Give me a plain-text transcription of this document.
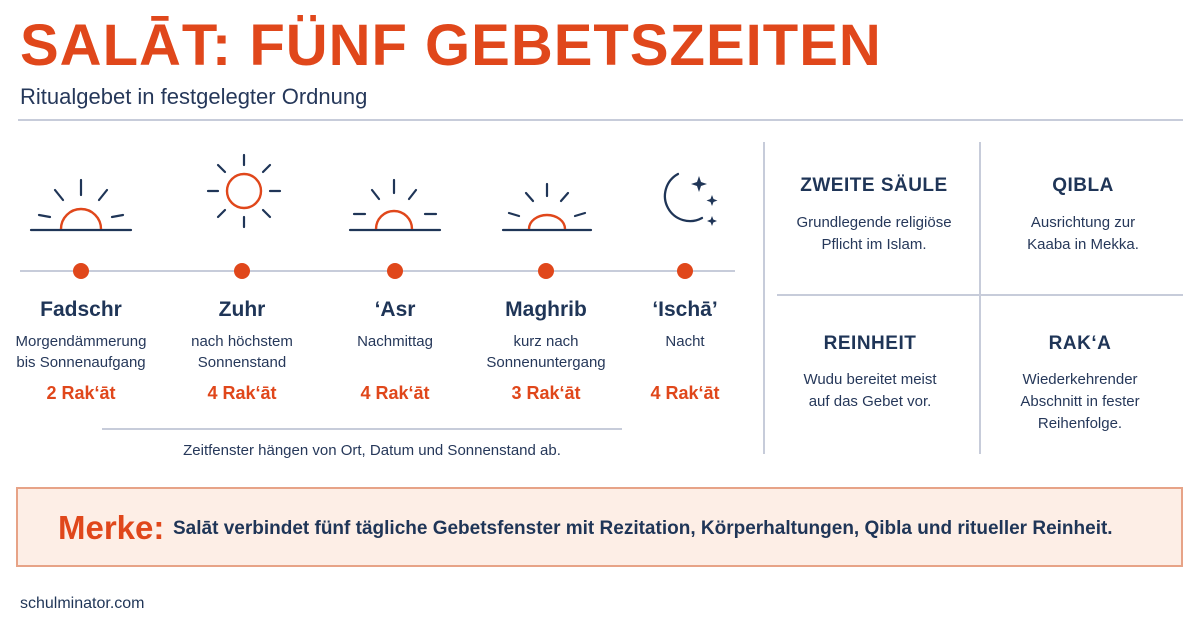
SALĀT: FÜNF GEBETSZEITEN
Ritualgebet in festgelegter Ordnung
Fadschr
Morgendämmerung
bis Sonnenaufgang
2 Rak‘āt
Zuhr
nach höchstem
Sonnenstand
4 Rak‘āt
‘Asr
Nachmittag
4 Rak‘āt
Maghrib
kurz nach
Sonnenuntergang
3 Rak‘āt
‘Ischā’
Nacht
4 Rak‘āt
Zeitfenster hängen von Ort, Datum und Sonnenstand ab.
ZWEITE SÄULE
Grundlegende religiöse
Pflicht im Islam.
QIBLA
Ausrichtung zur
Kaaba in Mekka.
REINHEIT
Wudu bereitet meist
auf das Gebet vor.
RAK‘A
Wiederkehrender
Abschnitt in fester
Reihenfolge.
Merke: Salāt verbindet fünf tägliche Gebetsfenster mit Rezitation, Körperhaltungen, Qibla und ritueller Reinheit.
schulminator.com
